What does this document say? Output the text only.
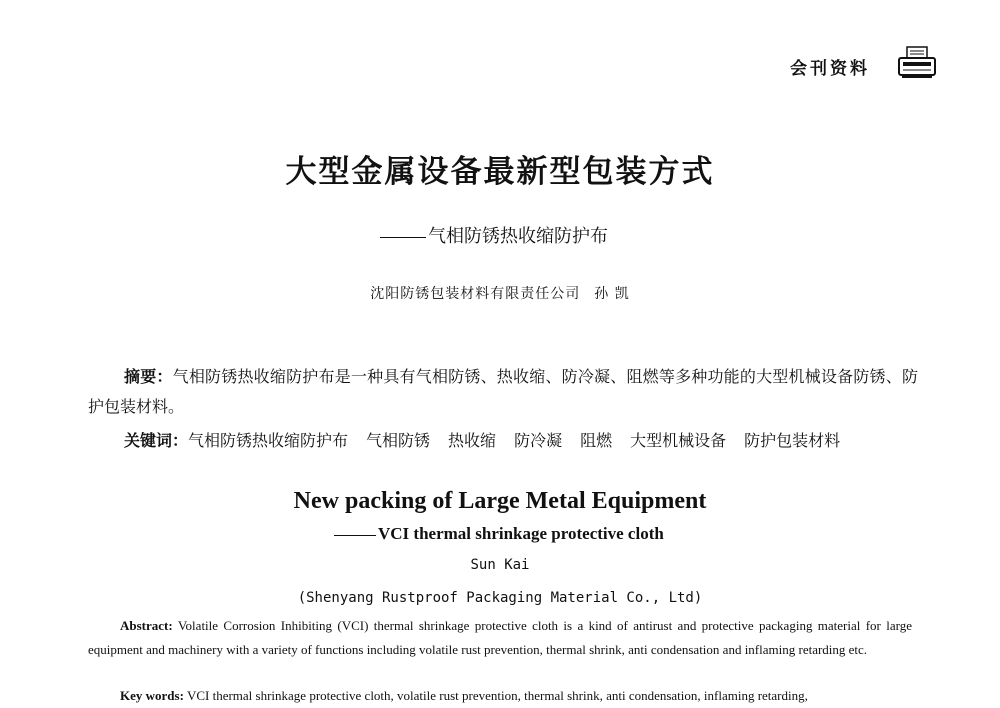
会刊资料
大型金属设备最新型包装方式
气相防锈热收缩防护布
沈阳防锈包装材料有限责任公司 孙 凯
摘要：气相防锈热收缩防护布是一种具有气相防锈、热收缩、防冷凝、阻燃等多种功能的大型机械设备防锈、防护包装材料。
关键词：气相防锈热收缩防护布 气相防锈 热收缩 防冷凝 阻燃 大型机械设备 防护包装材料
New packing of Large Metal Equipment
VCI thermal shrinkage protective cloth
Sun Kai
(Shenyang Rustproof Packaging Material Co., Ltd)
Abstract: Volatile Corrosion Inhibiting (VCI) thermal shrinkage protective cloth is a kind of antirust and protective packaging material for large equipment and machinery with a variety of functions including volatile rust prevention, thermal shrink, anti condensation and inflaming retarding etc.
Key words: VCI thermal shrinkage protective cloth, volatile rust prevention, thermal shrink, anti condensation, inflaming retarding,
